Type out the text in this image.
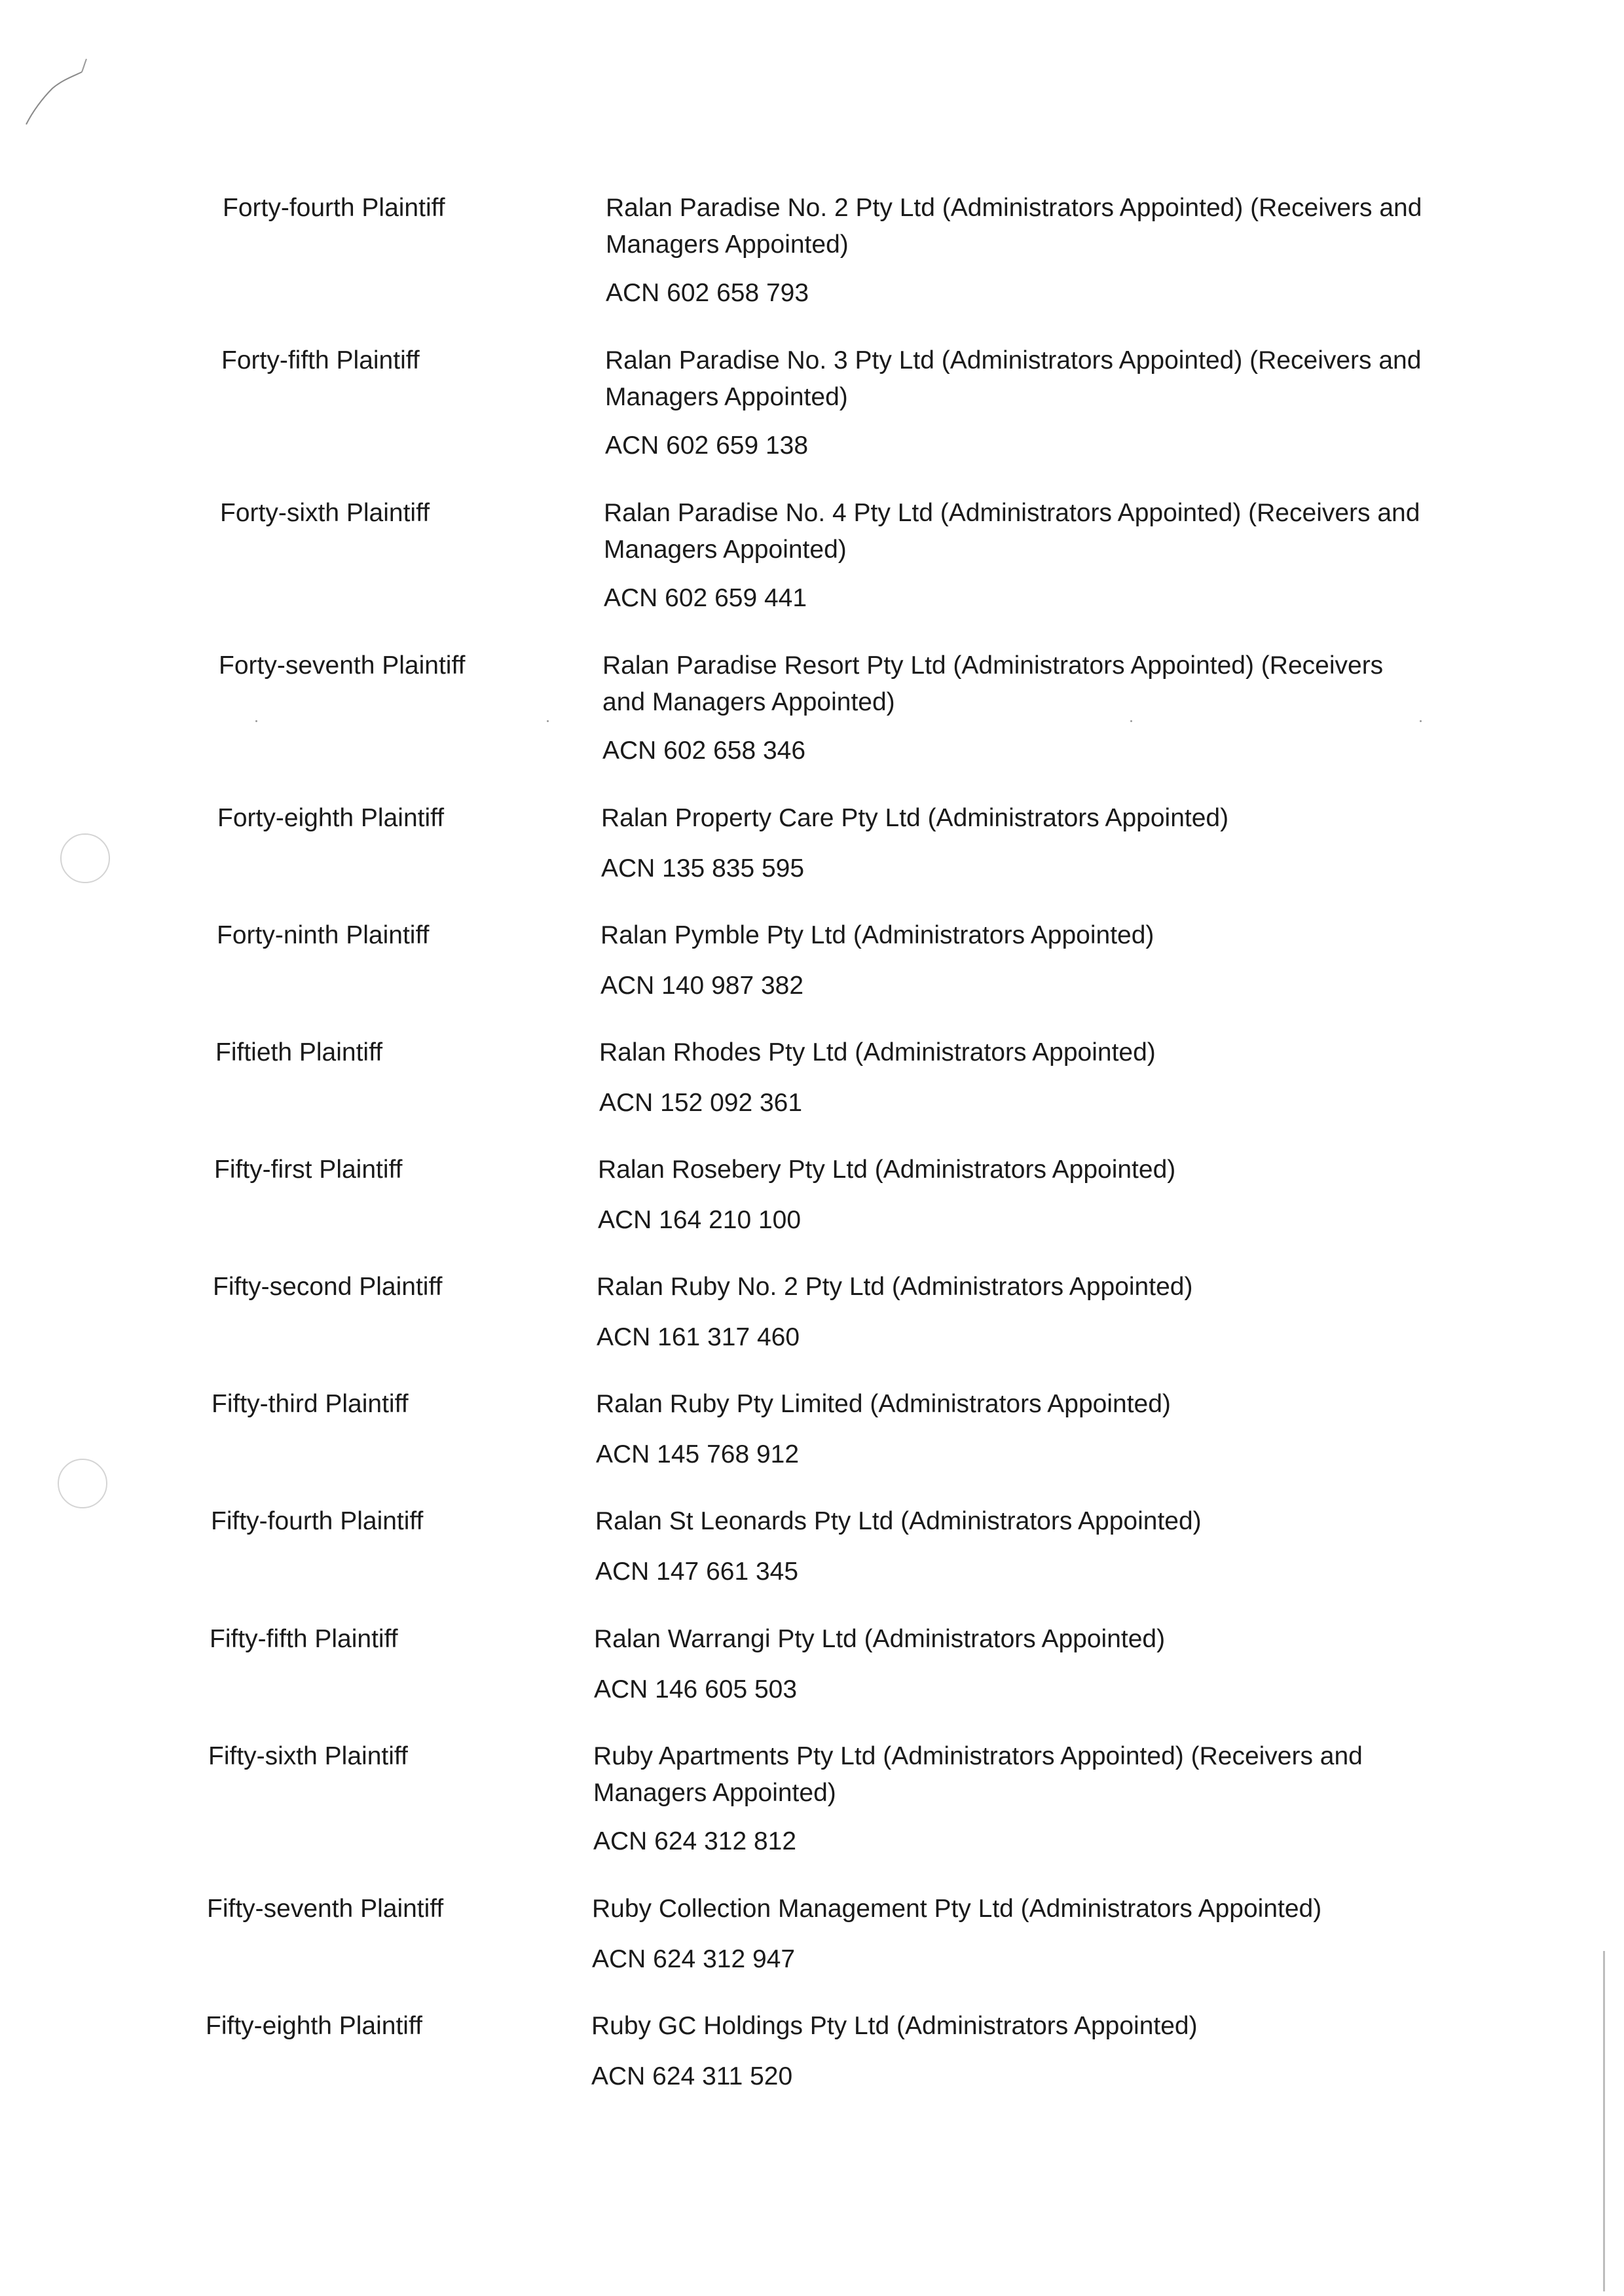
Forty-fourth Plaintiff	Ralan Paradise No. 2 Pty Ltd (Administrators Appointed) (Receivers and Managers Appointed)
ACN 602 658 793
Forty-fifth Plaintiff	Ralan Paradise No. 3 Pty Ltd (Administrators Appointed) (Receivers and Managers Appointed)
ACN 602 659 138
Forty-sixth Plaintiff	Ralan Paradise No. 4 Pty Ltd (Administrators Appointed) (Receivers and Managers Appointed)
ACN 602 659 441
Forty-seventh Plaintiff	Ralan Paradise Resort Pty Ltd (Administrators Appointed) (Receivers and Managers Appointed)
ACN 602 658 346
Forty-eighth Plaintiff	Ralan Property Care Pty Ltd (Administrators Appointed)
ACN 135 835 595
Forty-ninth Plaintiff	Ralan Pymble Pty Ltd (Administrators Appointed)
ACN 140 987 382
Fiftieth Plaintiff	Ralan Rhodes Pty Ltd (Administrators Appointed)
ACN 152 092 361
Fifty-first Plaintiff	Ralan Rosebery Pty Ltd (Administrators Appointed)
ACN 164 210 100
Fifty-second Plaintiff	Ralan Ruby No. 2 Pty Ltd (Administrators Appointed)
ACN 161 317 460
Fifty-third Plaintiff	Ralan Ruby Pty Limited (Administrators Appointed)
ACN 145 768 912
Fifty-fourth Plaintiff	Ralan St Leonards Pty Ltd (Administrators Appointed)
ACN 147 661 345
Fifty-fifth Plaintiff	Ralan Warrangi Pty Ltd (Administrators Appointed)
ACN 146 605 503
Fifty-sixth Plaintiff	Ruby Apartments Pty Ltd (Administrators Appointed) (Receivers and Managers Appointed)
ACN 624 312 812
Fifty-seventh Plaintiff	Ruby Collection Management Pty Ltd (Administrators Appointed)
ACN 624 312 947
Fifty-eighth Plaintiff	Ruby GC Holdings Pty Ltd (Administrators Appointed)
ACN 624 311 520
